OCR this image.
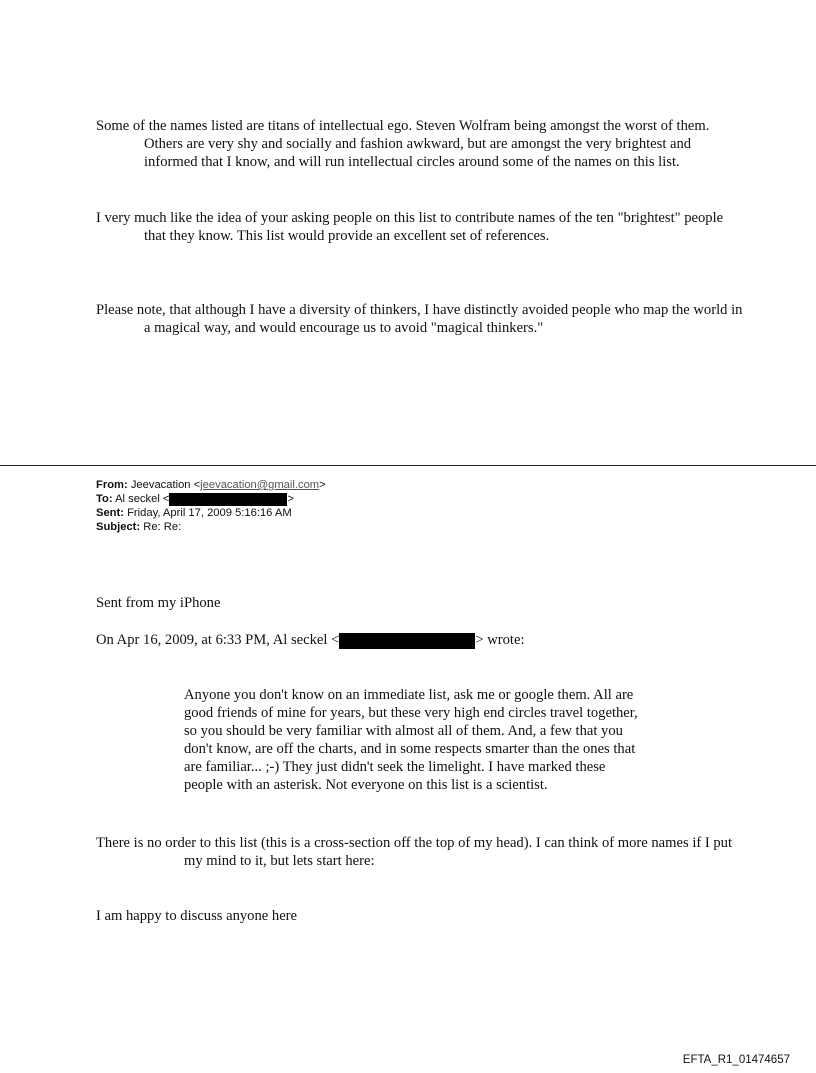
Some of the names listed are titans of intellectual ego. Steven Wolfram being amongst the worst of them. Others are very shy and socially and fashion awkward, but are amongst the very brightest and informed that I know, and will run intellectual circles around some of the names on this list.

I very much like the idea of your asking people on this list to contribute names of the ten "brightest" people that they know. This list would provide an excellent set of references.

Please note, that although I have a diversity of thinkers, I have distinctly avoided people who map the world in a magical way, and would encourage us to avoid "magical thinkers."

From: Jeevacation <jeevacation@gmail.com>
To: Al seckel <	>
Sent: Friday, April 17, 2009 5:16:16 AM
Subject: Re: Re:

Sent from my iPhone

On Apr 16, 2009, at 6:33 PM, Al seckel <	> wrote:

Anyone you don't know on an immediate list, ask me or google them. All are good friends of mine for years, but these very high end circles travel together, so you should be very familiar with almost all of them. And, a few that you don't know, are off the charts, and in some respects smarter than the ones that are familiar... ;-) They just didn't seek the limelight. I have marked these people with an asterisk. Not everyone on this list is a scientist.

There is no order to this list (this is a cross-section off the top of my head). I can think of more names if I put my mind to it, but lets start here:

I am happy to discuss anyone here

EFTA_R1_01474657
